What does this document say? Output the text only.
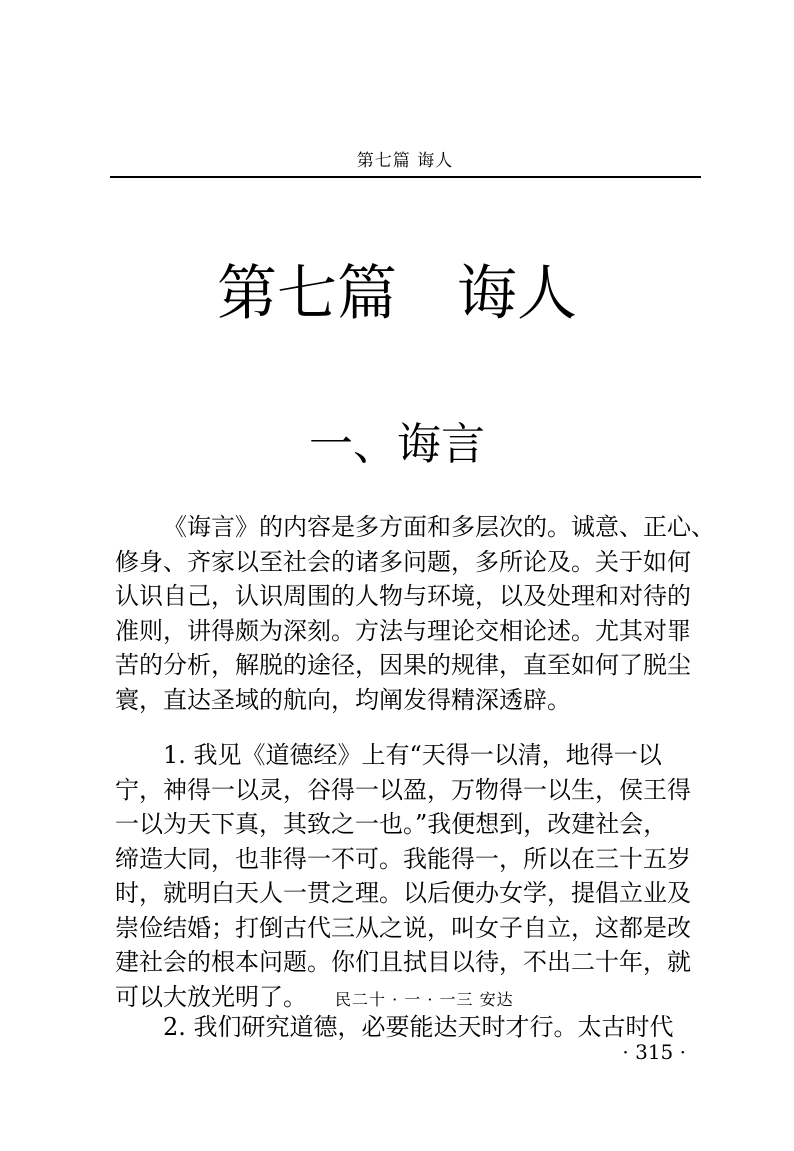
第七篇 诲人
第七篇　诲人
一、诲言
《诲言》的内容是多方面和多层次的。诚意、正心、
修身、齐家以至社会的诸多问题，多所论及。关于如何
认识自己，认识周围的人物与环境，以及处理和对待的
准则，讲得颇为深刻。方法与理论交相论述。尤其对罪
苦的分析，解脱的途径，因果的规律，直至如何了脱尘
寰，直达圣域的航向，均阐发得精深透辟。
1. 我见《道德经》上有“天得一以清，地得一以
宁，神得一以灵，谷得一以盈，万物得一以生，侯王得
一以为天下真，其致之一也。”我便想到，改建社会，
缔造大同，也非得一不可。我能得一，所以在三十五岁
时，就明白天人一贯之理。以后便办女学，提倡立业及
崇俭结婚；打倒古代三从之说，叫女子自立，这都是改
建社会的根本问题。你们且拭目以待，不出二十年，就
可以大放光明了。 民二十 · 一 · 一三 安达
2. 我们研究道德，必要能达天时才行。太古时代
· 315 ·
